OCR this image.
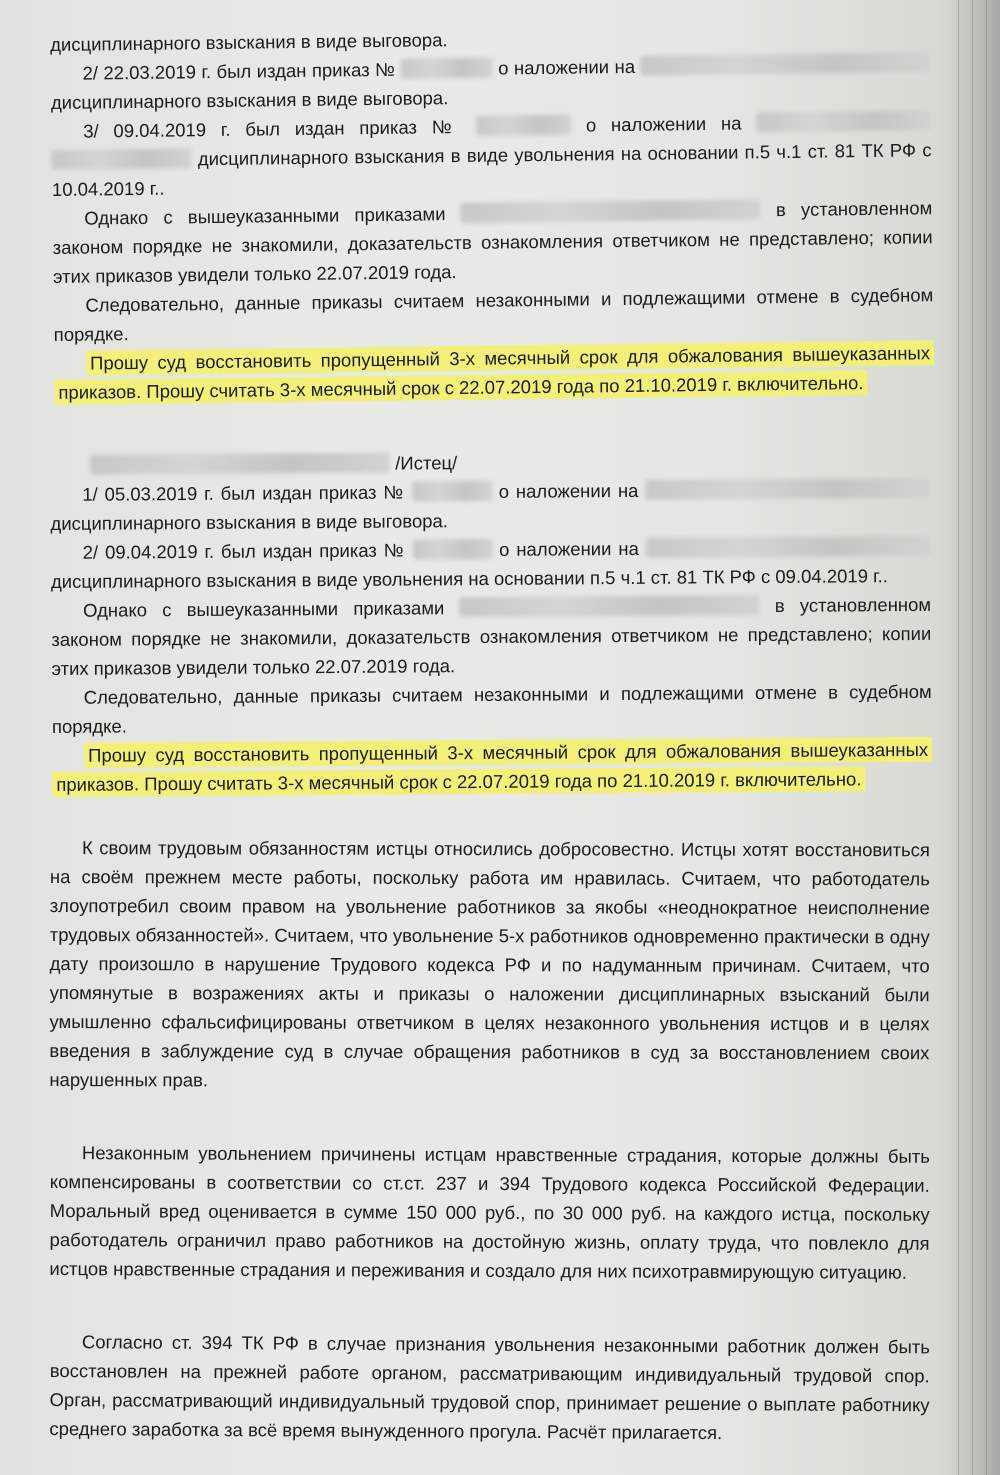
дисциплинарного взыскания в виде выговора.

2/ 22.03.2019 г. был издан приказ №	о наложении на  дисциплинарного взыскания в виде выговора.

3/ 09.04.2019 г. был издан приказ №	о наложении на   дисциплинарного взыскания в виде увольнения на основании п.5 ч.1 ст. 81 ТК РФ с 10.04.2019 г..

Однако с вышеуказанными приказами	в установленном законом порядке не знакомили, доказательств ознакомления ответчиком не представлено; копии этих приказов увидели только 22.07.2019 года.

Следовательно, данные приказы считаем незаконными и подлежащими отмене в судебном порядке.

Прошу суд восстановить пропущенный 3-х месячный срок для обжалования вышеуказанных приказов. Прошу считать 3-х месячный срок с 22.07.2019 года по 21.10.2019 г. включительно.

/Истец/

1/ 05.03.2019 г. был издан приказ №	о наложении на  дисциплинарного взыскания в виде выговора.

2/ 09.04.2019 г. был издан приказ №	о наложении на  дисциплинарного взыскания в виде увольнения на основании п.5 ч.1 ст. 81 ТК РФ с 09.04.2019 г..

Однако с вышеуказанными приказами	в установленном законом порядке не знакомили, доказательств ознакомления ответчиком не представлено; копии этих приказов увидели только 22.07.2019 года.

Следовательно, данные приказы считаем незаконными и подлежащими отмене в судебном порядке.

Прошу суд восстановить пропущенный 3-х месячный срок для обжалования вышеуказанных приказов. Прошу считать 3-х месячный срок с 22.07.2019 года по 21.10.2019 г. включительно.

К своим трудовым обязанностям истцы относились добросовестно. Истцы хотят восстановиться на своём прежнем месте работы, поскольку работа им нравилась. Считаем, что работодатель злоупотребил своим правом на увольнение работников за якобы «неоднократное неисполнение трудовых обязанностей». Считаем, что увольнение 5-х работников одновременно практически в одну дату произошло в нарушение Трудового кодекса РФ и по надуманным причинам. Считаем, что упомянутые в возражениях акты и приказы о наложении дисциплинарных взысканий были умышленно сфальсифицированы ответчиком в целях незаконного увольнения истцов и в целях введения в заблуждение суд в случае обращения работников в суд за восстановлением своих нарушенных прав.

Незаконным увольнением причинены истцам нравственные страдания, которые должны быть компенсированы в соответствии со ст.ст. 237 и 394 Трудового кодекса Российской Федерации. Моральный вред оценивается в сумме 150 000 руб., по 30 000 руб. на каждого истца, поскольку работодатель ограничил право работников на достойную жизнь, оплату труда, что повлекло для истцов нравственные страдания и переживания и создало для них психотравмирующую ситуацию.

Согласно ст. 394 ТК РФ в случае признания увольнения незаконными работник должен быть восстановлен на прежней работе органом, рассматривающим индивидуальный трудовой спор. Орган, рассматривающий индивидуальный трудовой спор, принимает решение о выплате работнику среднего заработка за всё время вынужденного прогула. Расчёт прилагается.
